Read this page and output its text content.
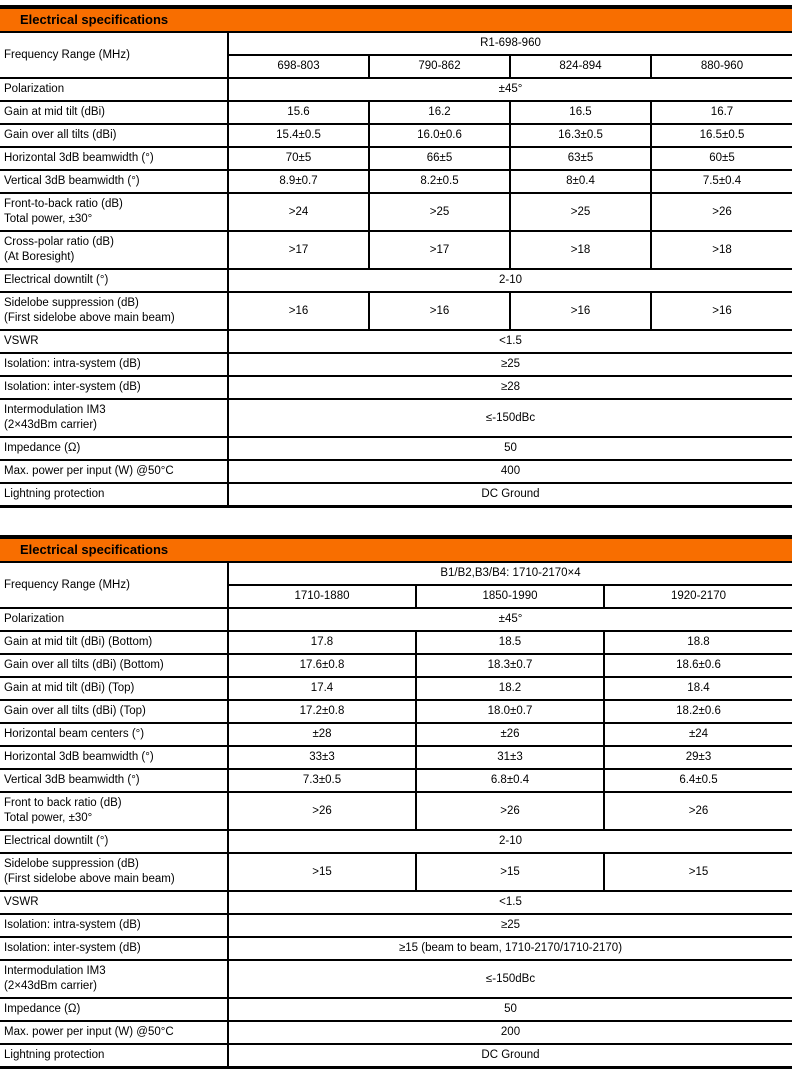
Electrical specifications
Frequency Range (MHz)	R1-698-960			
	698-803	790-862	824-894	880-960

Polarization	±45°			

Gain at mid tilt (dBi)	15.6	16.2	16.5	16.7

Gain over all tilts (dBi)	15.4±0.5	16.0±0.6	16.3±0.5	16.5±0.5

Horizontal 3dB beamwidth (°)	70±5	66±5	63±5	60±5

Vertical 3dB beamwidth (°)	8.9±0.7	8.2±0.5	8±0.4	7.5±0.4

Front-to-back ratio (dB)
Total power, ±30°	>24	>25	>25	>26

Cross-polar ratio (dB)
(At Boresight)	>17	>17	>18	>18

Electrical downtilt (°)	2-10			

Sidelobe suppression (dB)
(First sidelobe above main beam)	>16	>16	>16	>16

VSWR	<1.5			

Isolation: intra-system (dB)	≥25			

Isolation: inter-system (dB)	≥28			

Intermodulation IM3
(2×43dBm carrier)	≤-150dBc			

Impedance (Ω)	50			

Max. power per input (W) @50°C	400			

Lightning protection	DC Ground			
Electrical specifications
Frequency Range (MHz)	B1/B2,B3/B4: 1710-2170×4		
	1710-1880	1850-1990	1920-2170

Polarization	±45°		

Gain at mid tilt (dBi) (Bottom)	17.8	18.5	18.8

Gain over all tilts (dBi) (Bottom)	17.6±0.8	18.3±0.7	18.6±0.6

Gain at mid tilt (dBi) (Top)	17.4	18.2	18.4

Gain over all tilts (dBi) (Top)	17.2±0.8	18.0±0.7	18.2±0.6

Horizontal beam centers (°)	±28	±26	±24

Horizontal 3dB beamwidth (°)	33±3	31±3	29±3

Vertical 3dB beamwidth (°)	7.3±0.5	6.8±0.4	6.4±0.5

Front to back ratio (dB)
Total power, ±30°	>26	>26	>26

Electrical downtilt (°)	2-10		

Sidelobe suppression (dB)
(First sidelobe above main beam)	>15	>15	>15

VSWR	<1.5		

Isolation: intra-system (dB)	≥25		

Isolation: inter-system (dB)	≥15 (beam to beam, 1710-2170/1710-2170)		

Intermodulation IM3
(2×43dBm carrier)	≤-150dBc		

Impedance (Ω)	50		

Max. power per input (W) @50°C	200		

Lightning protection	DC Ground		
